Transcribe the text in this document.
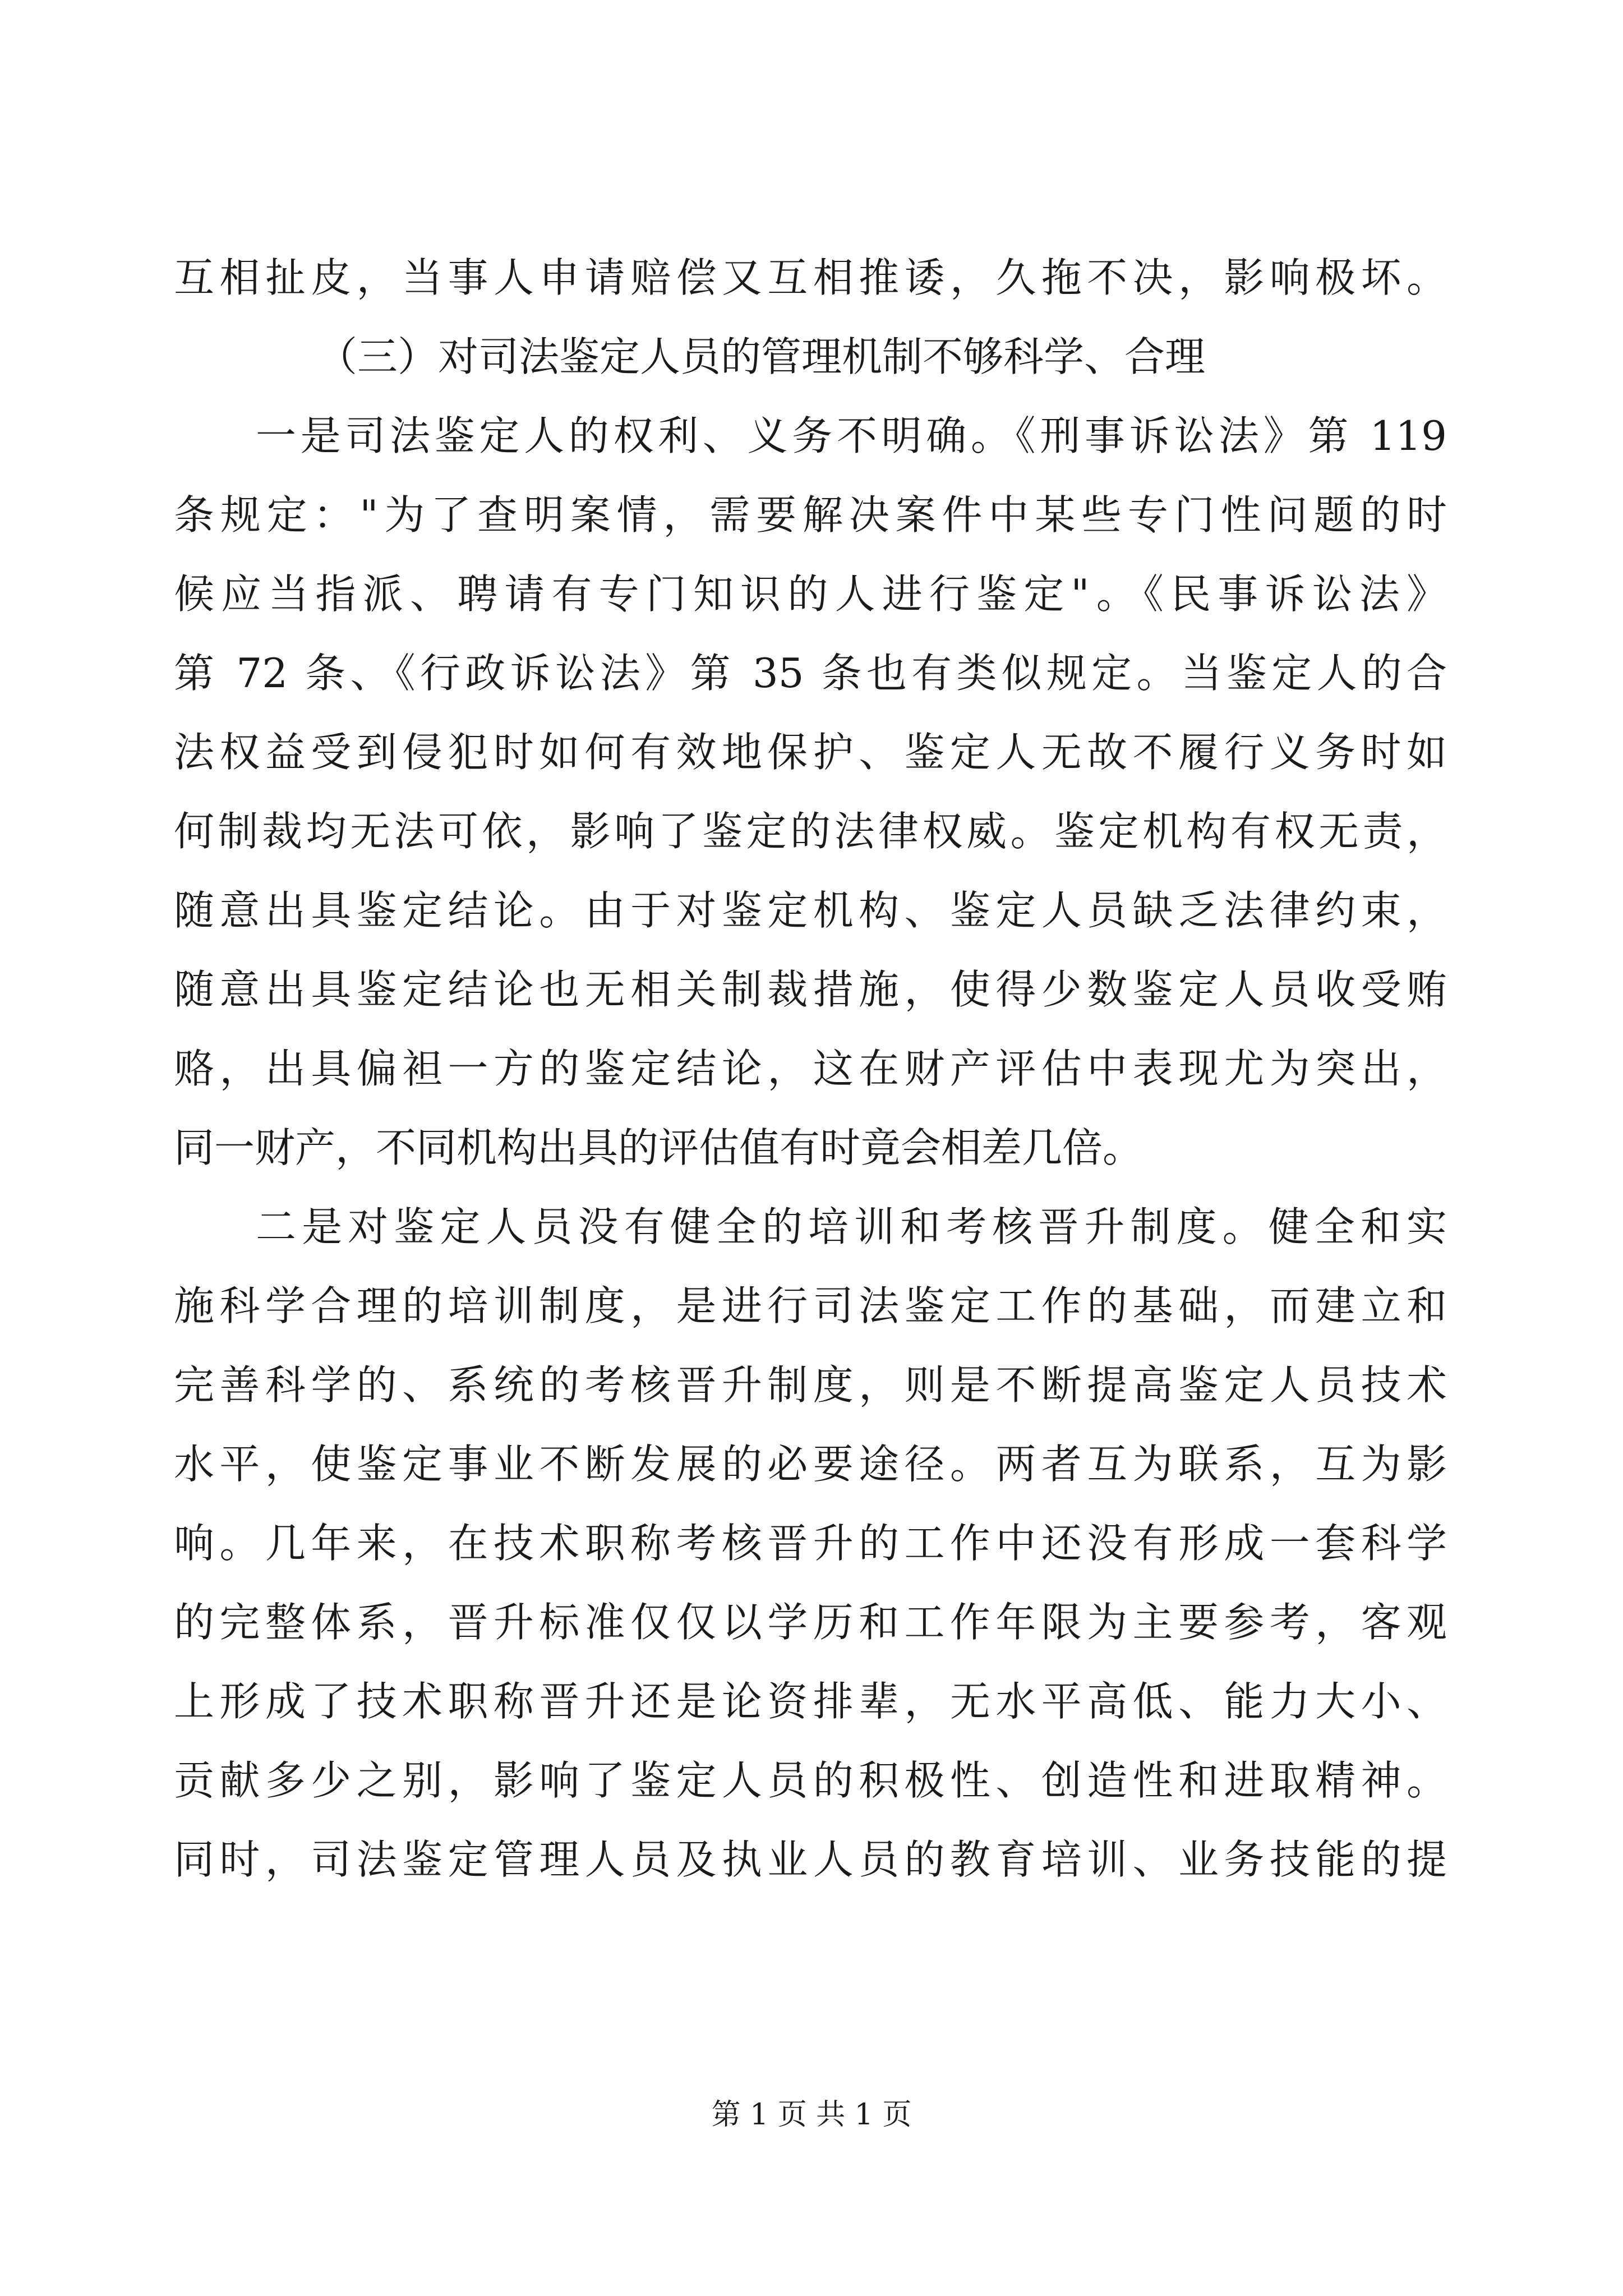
互相扯皮，当事人申请赔偿又互相推诿，久拖不决，影响极坏。
（三）对司法鉴定人员的管理机制不够科学、合理
一是司法鉴定人的权利、义务不明确。《刑事诉讼法》第 119
条规定："为了查明案情，需要解决案件中某些专门性问题的时
候应当指派、聘请有专门知识的人进行鉴定"。《民事诉讼法》
第 72 条、《行政诉讼法》第 35 条也有类似规定。当鉴定人的合
法权益受到侵犯时如何有效地保护、鉴定人无故不履行义务时如
何制裁均无法可依，影响了鉴定的法律权威。鉴定机构有权无责，
随意出具鉴定结论。由于对鉴定机构、鉴定人员缺乏法律约束，
随意出具鉴定结论也无相关制裁措施，使得少数鉴定人员收受贿
赂，出具偏袒一方的鉴定结论，这在财产评估中表现尤为突出，
同一财产，不同机构出具的评估值有时竟会相差几倍。
二是对鉴定人员没有健全的培训和考核晋升制度。健全和实
施科学合理的培训制度，是进行司法鉴定工作的基础，而建立和
完善科学的、系统的考核晋升制度，则是不断提高鉴定人员技术
水平，使鉴定事业不断发展的必要途径。两者互为联系，互为影
响。几年来，在技术职称考核晋升的工作中还没有形成一套科学
的完整体系，晋升标准仅仅以学历和工作年限为主要参考，客观
上形成了技术职称晋升还是论资排辈，无水平高低、能力大小、
贡献多少之别，影响了鉴定人员的积极性、创造性和进取精神。
同时，司法鉴定管理人员及执业人员的教育培训、业务技能的提
第 1 页 共 1 页
